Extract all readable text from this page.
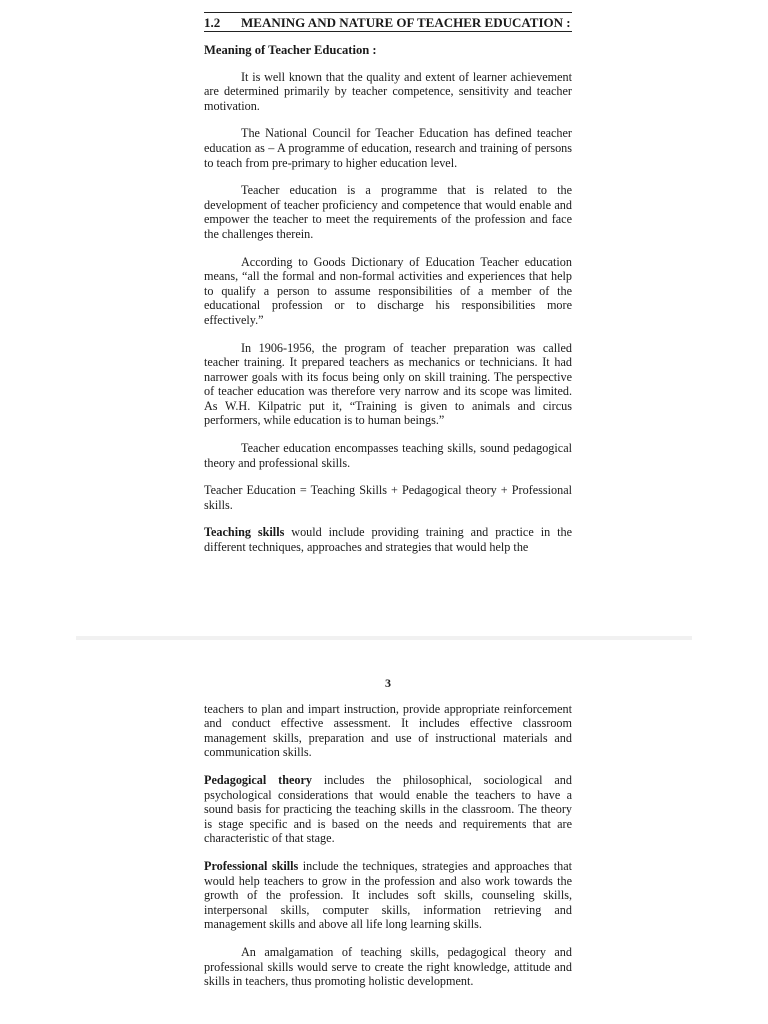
1.2	MEANING AND NATURE OF TEACHER EDUCATION :
Meaning of Teacher Education :

It is well known that the quality and extent of learner achievement are determined primarily by teacher competence, sensitivity and teacher motivation.

The National Council for Teacher Education has defined teacher education as – A programme of education, research and training of persons to teach from pre-primary to higher education level.

Teacher education is a programme that is related to the development of teacher proficiency and competence that would enable and empower the teacher to meet the requirements of the profession and face the challenges therein.

According to Goods Dictionary of Education Teacher education means, “all the formal and non-formal activities and experiences that help to qualify a person to assume responsibilities of a member of the educational profession or to discharge his responsibilities more effectively.”

In 1906-1956, the program of teacher preparation was called teacher training. It prepared teachers as mechanics or technicians. It had narrower goals with its focus being only on skill training. The perspective of teacher education was therefore very narrow and its scope was limited. As W.H. Kilpatric put it, “Training is given to animals and circus performers, while education is to human beings.”

Teacher education encompasses teaching skills, sound pedagogical theory and professional skills.

Teacher Education = Teaching Skills + Pedagogical theory + Professional skills.

Teaching skills would include providing training and practice in the different techniques, approaches and strategies that would help the

3

teachers to plan and impart instruction, provide appropriate reinforcement and conduct effective assessment. It includes effective classroom management skills, preparation and use of instructional materials and communication skills.

Pedagogical theory includes the philosophical, sociological and psychological considerations that would enable the teachers to have a sound basis for practicing the teaching skills in the classroom. The theory is stage specific and is based on the needs and requirements that are characteristic of that stage.

Professional skills include the techniques, strategies and approaches that would help teachers to grow in the profession and also work towards the growth of the profession. It includes soft skills, counseling skills, interpersonal skills, computer skills, information retrieving and management skills and above all life long learning skills.

An amalgamation of teaching skills, pedagogical theory and professional skills would serve to create the right knowledge, attitude and skills in teachers, thus promoting holistic development.
